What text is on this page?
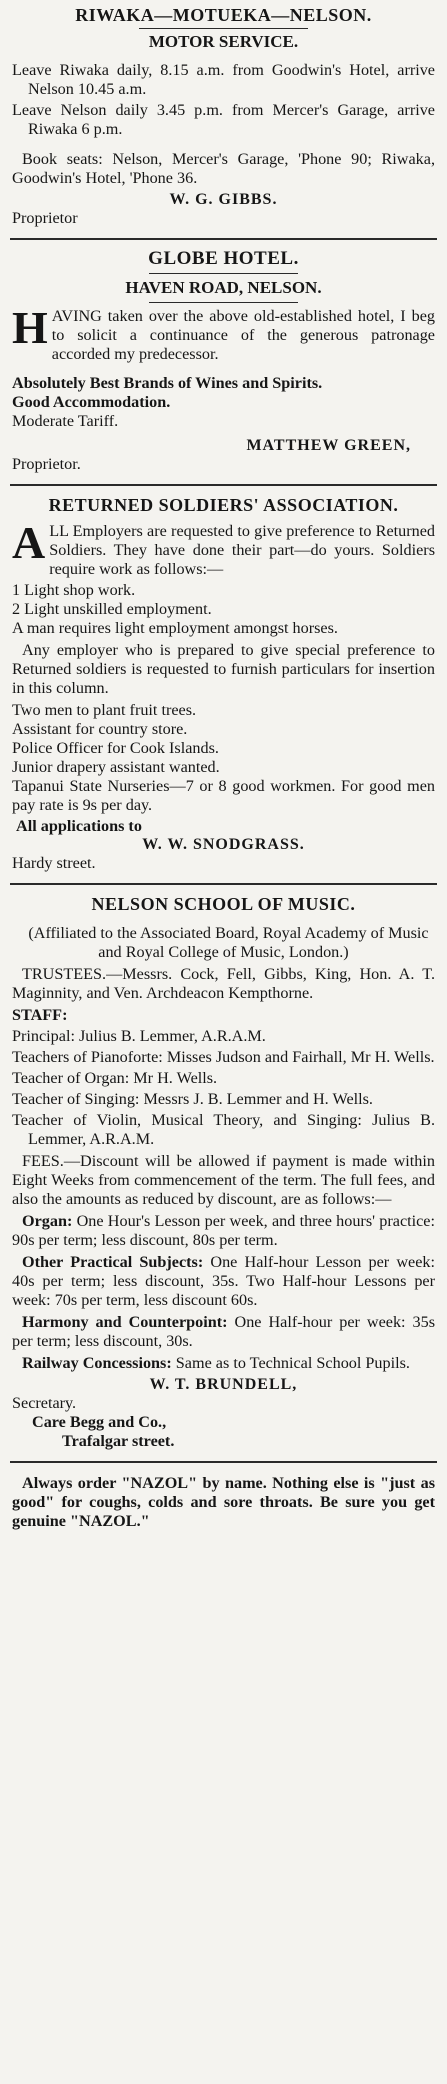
RIWAKA—MOTUEKA—NELSON.
MOTOR SERVICE.

Leave Riwaka daily, 8.15 a.m. from Goodwin's Hotel, arrive Nelson 10.45 a.m.

Leave Nelson daily 3.45 p.m. from Mercer's Garage, arrive Riwaka 6 p.m.

Book seats: Nelson, Mercer's Garage, 'Phone 90; Riwaka, Goodwin's Hotel, 'Phone 36.

W. G. GIBBS.
Proprietor
GLOBE HOTEL.
HAVEN ROAD, NELSON.
HAVING taken over the above old-established hotel, I beg to solicit a continuance of the generous patronage accorded my predecessor.
Absolutely Best Brands of Wines and Spirits.
Good Accommodation.
Moderate Tariff.
MATTHEW GREEN,
Proprietor.
RETURNED SOLDIERS' ASSOCIATION.
ALL Employers are requested to give preference to Returned Soldiers. They have done their part—do yours. Soldiers require work as follows:—
1 Light shop work.
2 Light unskilled employment.
A man requires light employment amongst horses.

Any employer who is prepared to give special preference to Returned soldiers is requested to furnish particulars for insertion in this column.

Two men to plant fruit trees.
Assistant for country store.
Police Officer for Cook Islands.
Junior drapery assistant wanted.
Tapanui State Nurseries—7 or 8 good workmen. For good men pay rate is 9s per day.
All applications to
W. W. SNODGRASS.
Hardy street.
NELSON SCHOOL OF MUSIC.

(Affiliated to the Associated Board, Royal Academy of Music and Royal College of Music, London.)

TRUSTEES.—Messrs. Cock, Fell, Gibbs, King, Hon. A. T. Maginnity, and Ven. Archdeacon Kempthorne.

STAFF:

Principal: Julius B. Lemmer, A.R.A.M.

Teachers of Pianoforte: Misses Judson and Fairhall, Mr H. Wells.

Teacher of Organ: Mr H. Wells.

Teacher of Singing: Messrs J. B. Lemmer and H. Wells.

Teacher of Violin, Musical Theory, and Singing: Julius B. Lemmer, A.R.A.M.

FEES.—Discount will be allowed if payment is made within Eight Weeks from commencement of the term. The full fees, and also the amounts as reduced by discount, are as follows:—

Organ: One Hour's Lesson per week, and three hours' practice: 90s per term; less discount, 80s per term.

Other Practical Subjects: One Half-hour Lesson per week: 40s per term; less discount, 35s. Two Half-hour Lessons per week: 70s per term, less discount 60s.

Harmony and Counterpoint: One Half-hour per week: 35s per term; less discount, 30s.

Railway Concessions: Same as to Technical School Pupils.

W. T. BRUNDELL,
Secretary.
Care Begg and Co.,
Trafalgar street.

Always order "NAZOL" by name. Nothing else is "just as good" for coughs, colds and sore throats. Be sure you get genuine "NAZOL."
